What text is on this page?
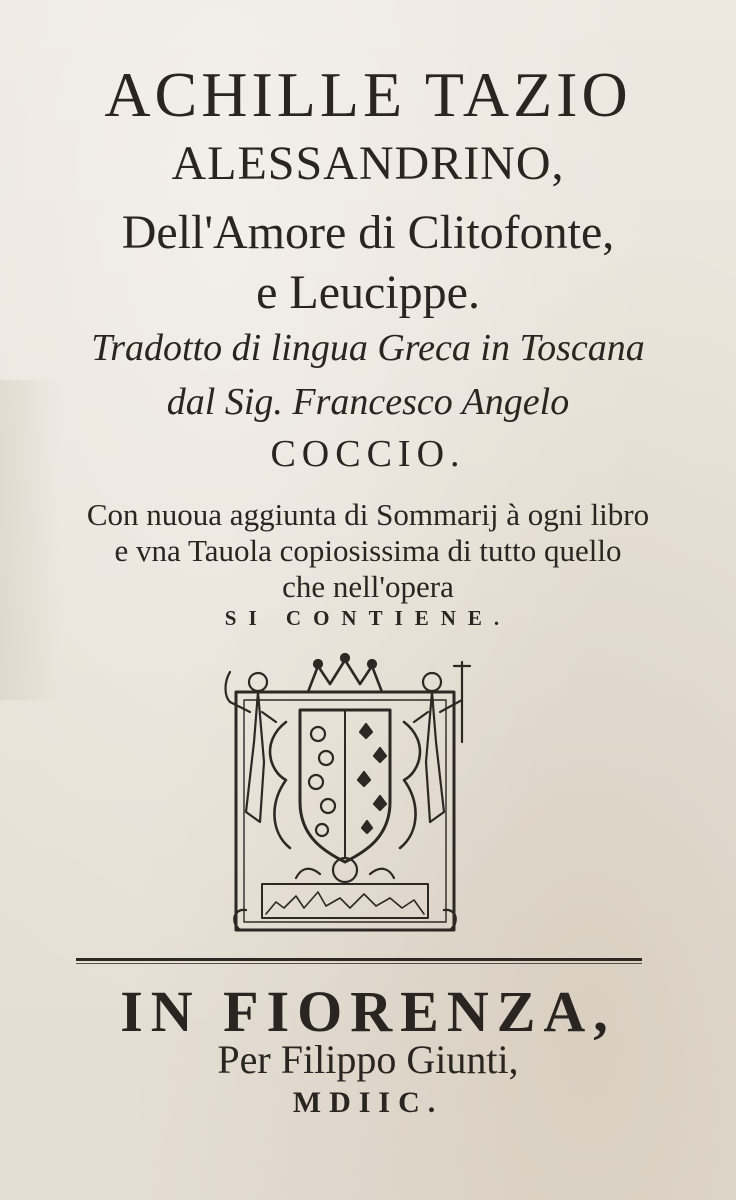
ACHILLE TAZIO
ALESSANDRINO,
Dell'Amore di Clitofonte,
e Leucippe.
Tradotto di lingua Greca in Toscana
dal Sig. Francesco Angelo
COCCIO.
Con nuoua aggiunta di Sommarij à ogni libro
e vna Tauola copiosissima di tutto quello
che nell'opera
SI CONTIENE.
IN FIORENZA,
Per Filippo Giunti,
MDIIC.
